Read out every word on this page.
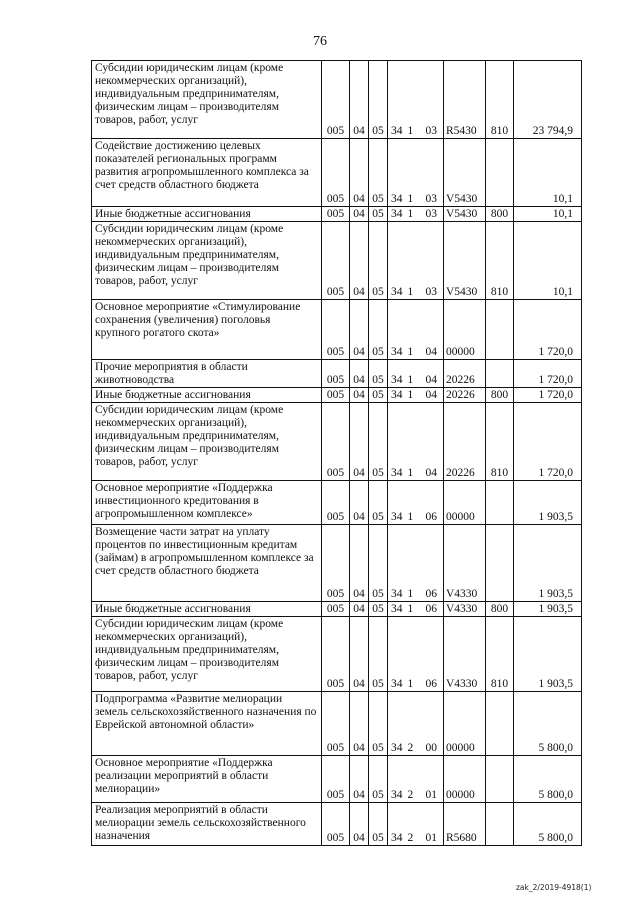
76
Субсидии юридическим лицам (кроме некоммерческих организаций), индивидуальным предпринимателям, физическим лицам – производителям товаров, работ, услуг	005	04	05	34	1	03	R5430	810	23 794,9
Содействие достижению целевых показателей региональных программ развития агропромышленного комплекса за счет средств областного бюджета	005	04	05	34	1	03	V5430		10,1
Иные бюджетные ассигнования	005	04	05	34	1	03	V5430	800	10,1
Субсидии юридическим лицам (кроме некоммерческих организаций), индивидуальным предпринимателям, физическим лицам – производителям товаров, работ, услуг	005	04	05	34	1	03	V5430	810	10,1
Основное мероприятие «Стимулирование сохранения (увеличения) поголовья крупного рогатого скота»	005	04	05	34	1	04	00000		1 720,0
Прочие мероприятия в области животноводства	005	04	05	34	1	04	20226		1 720,0
Иные бюджетные ассигнования	005	04	05	34	1	04	20226	800	1 720,0
Субсидии юридическим лицам (кроме некоммерческих организаций), индивидуальным предпринимателям, физическим лицам – производителям товаров, работ, услуг	005	04	05	34	1	04	20226	810	1 720,0
Основное мероприятие «Поддержка инвестиционного кредитования в агропромышленном комплексе»	005	04	05	34	1	06	00000		1 903,5
Возмещение части затрат на уплату процентов по инвестиционным кредитам (займам) в агропромышленном комплексе за счет средств областного бюджета	005	04	05	34	1	06	V4330		1 903,5
Иные бюджетные ассигнования	005	04	05	34	1	06	V4330	800	1 903,5
Субсидии юридическим лицам (кроме некоммерческих организаций), индивидуальным предпринимателям, физическим лицам – производителям товаров, работ, услуг	005	04	05	34	1	06	V4330	810	1 903,5
Подпрограмма «Развитие мелиорации земель сельскохозяйственного назначения по Еврейской автономной области»	005	04	05	34	2	00	00000		5 800,0
Основное мероприятие «Поддержка реализации мероприятий в области мелиорации»	005	04	05	34	2	01	00000		5 800,0
Реализация мероприятий в области мелиорации земель сельскохозяйственного назначения	005	04	05	34	2	01	R5680		5 800,0
zak_2/2019-4918(1)
